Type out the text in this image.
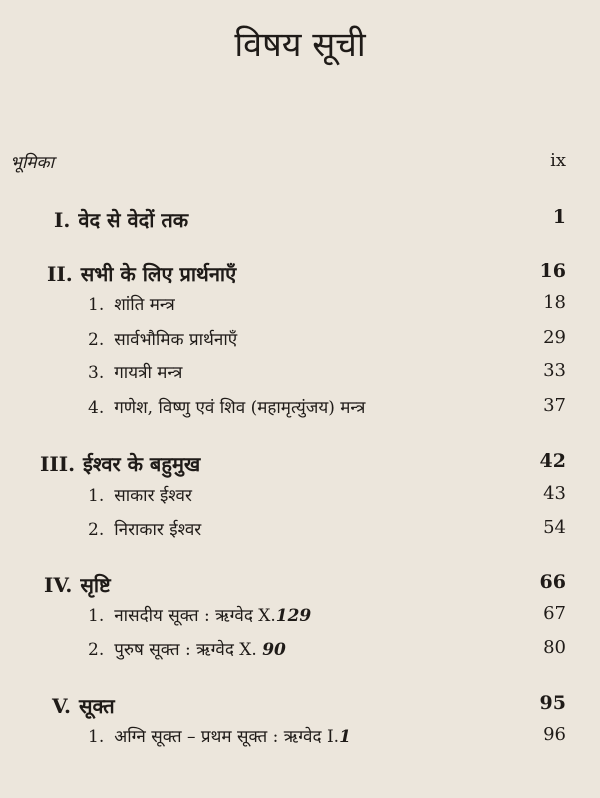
विषय सूची
भूमिका	ix
I. वेद से वेदों तक	1
II. सभी के लिए प्रार्थनाएँ	16
1. शांति मन्त्र	18
2. सार्वभौमिक प्रार्थनाएँ	29
3. गायत्री मन्त्र	33
4. गणेश, विष्णु एवं शिव (महामृत्युंजय) मन्त्र	37
III. ईश्वर के बहुमुख	42
1. साकार ईश्वर	43
2. निराकार ईश्वर	54
IV. सृष्टि	66
1. नासदीय सूक्त : ऋग्वेद X.129	67
2. पुरुष सूक्त : ऋग्वेद X. 90	80
V. सूक्त	95
1. अग्नि सूक्त – प्रथम सूक्त : ऋग्वेद I.1	96
